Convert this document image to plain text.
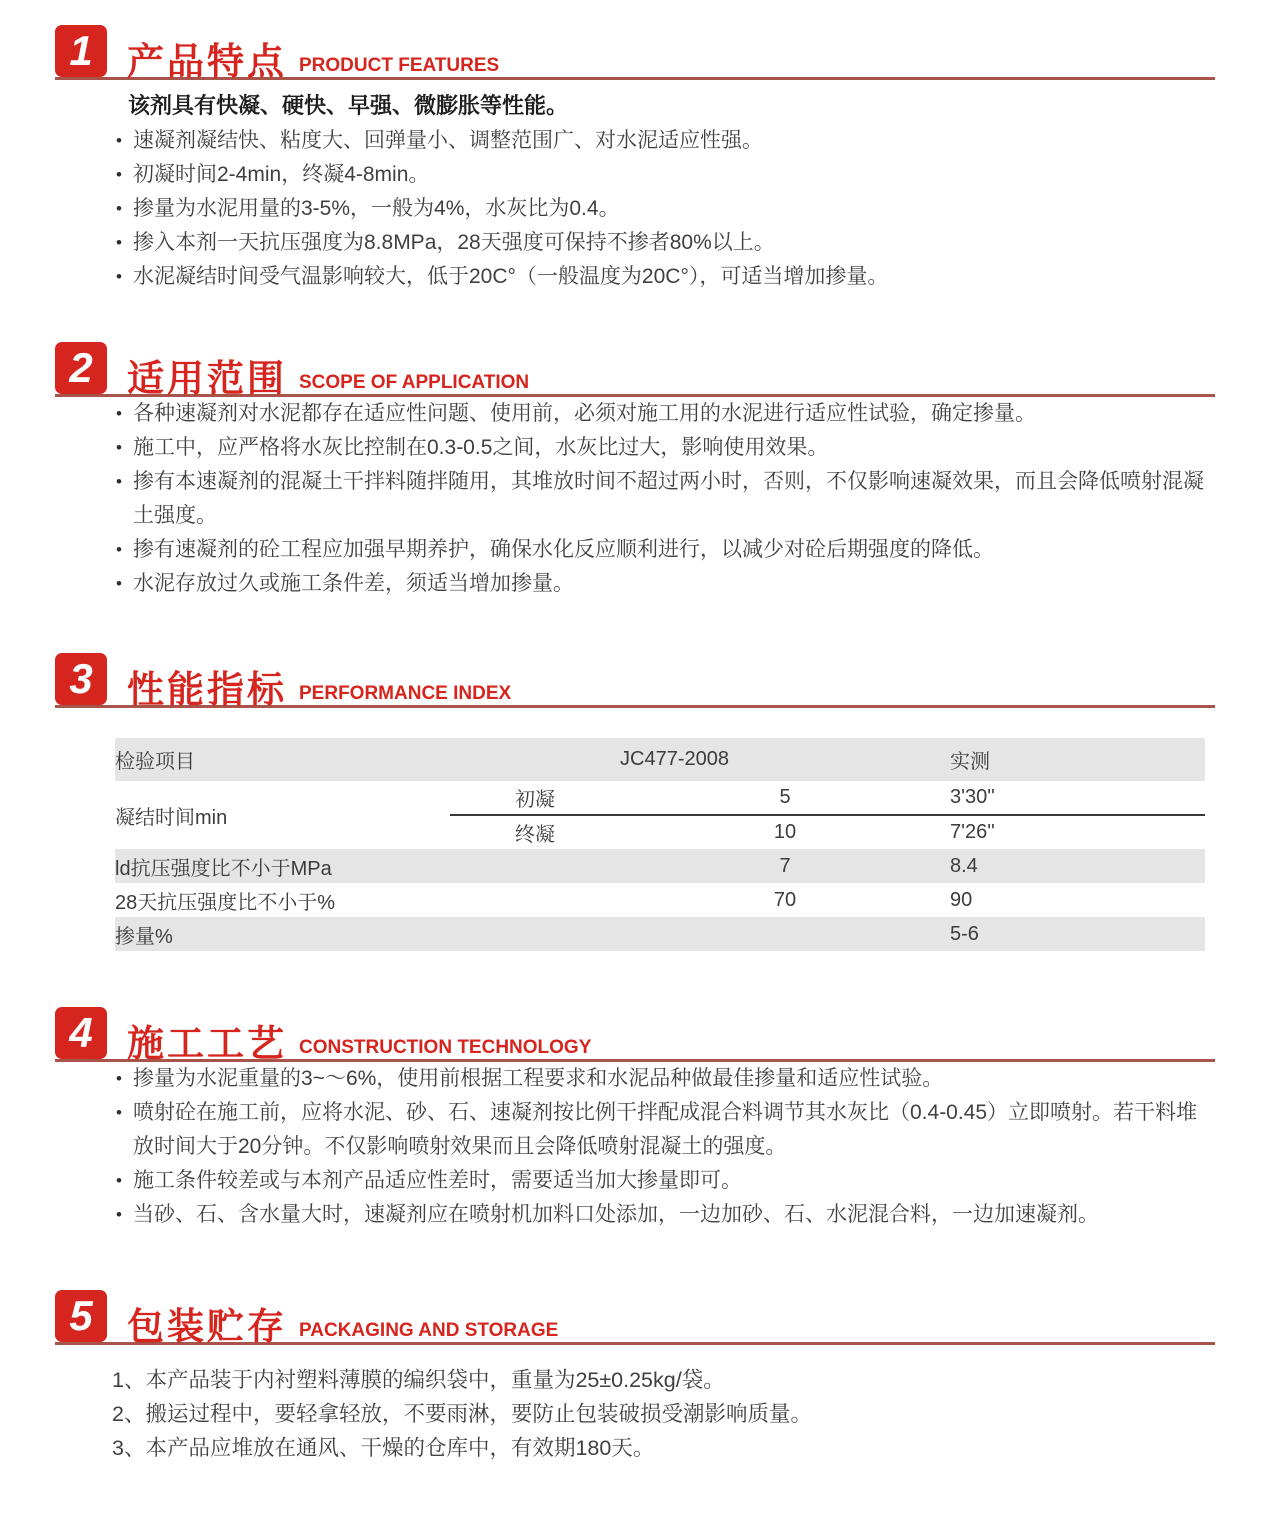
1 产品特点 PRODUCT FEATURES

该剂具有快凝、硬快、早强、微膨胀等性能。

• 速凝剂凝结快、粘度大、回弹量小、调整范围广、对水泥适应性强。
• 初凝时间2-4min，终凝4-8min。
• 掺量为水泥用量的3-5%，一般为4%，水灰比为0.4。
• 掺入本剂一天抗压强度为8.8MPa，28天强度可保持不掺者80%以上。
• 水泥凝结时间受气温影响较大，低于20C°（一般温度为20C°），可适当增加掺量。
2 适用范围 SCOPE OF APPLICATION
• 各种速凝剂对水泥都存在适应性问题、使用前，必须对施工用的水泥进行适应性试验，确定掺量。
• 施工中，应严格将水灰比控制在0.3-0.5之间，水灰比过大，影响使用效果。
• 掺有本速凝剂的混凝土干拌料随拌随用，其堆放时间不超过两小时，否则，不仅影响速凝效果，而且会降低喷射混凝土强度。
• 掺有速凝剂的砼工程应加强早期养护，确保水化反应顺利进行，以减少对砼后期强度的降低。
• 水泥存放过久或施工条件差，须适当增加掺量。
3 性能指标 PERFORMANCE INDEX
检验项目		JC477-2008	实测
凝结时间min	初凝	5	3'30''
	终凝	10	7'26''
ld抗压强度比不小于MPa		7	8.4
28天抗压强度比不小于%		70	90
掺量%			5-6
4 施工工艺 CONSTRUCTION TECHNOLOGY
• 掺量为水泥重量的3~～6%，使用前根据工程要求和水泥品种做最佳掺量和适应性试验。
• 喷射砼在施工前，应将水泥、砂、石、速凝剂按比例干拌配成混合料调节其水灰比（0.4-0.45）立即喷射。若干料堆放时间大于20分钟。不仅影响喷射效果而且会降低喷射混凝土的强度。
• 施工条件较差或与本剂产品适应性差时，需要适当加大掺量即可。
• 当砂、石、含水量大时，速凝剂应在喷射机加料口处添加，一边加砂、石、水泥混合料，一边加速凝剂。
5 包装贮存 PACKAGING AND STORAGE
1、本产品装于内衬塑料薄膜的编织袋中，重量为25±0.25kg/袋。
2、搬运过程中，要轻拿轻放，不要雨淋，要防止包装破损受潮影响质量。
3、本产品应堆放在通风、干燥的仓库中，有效期180天。
